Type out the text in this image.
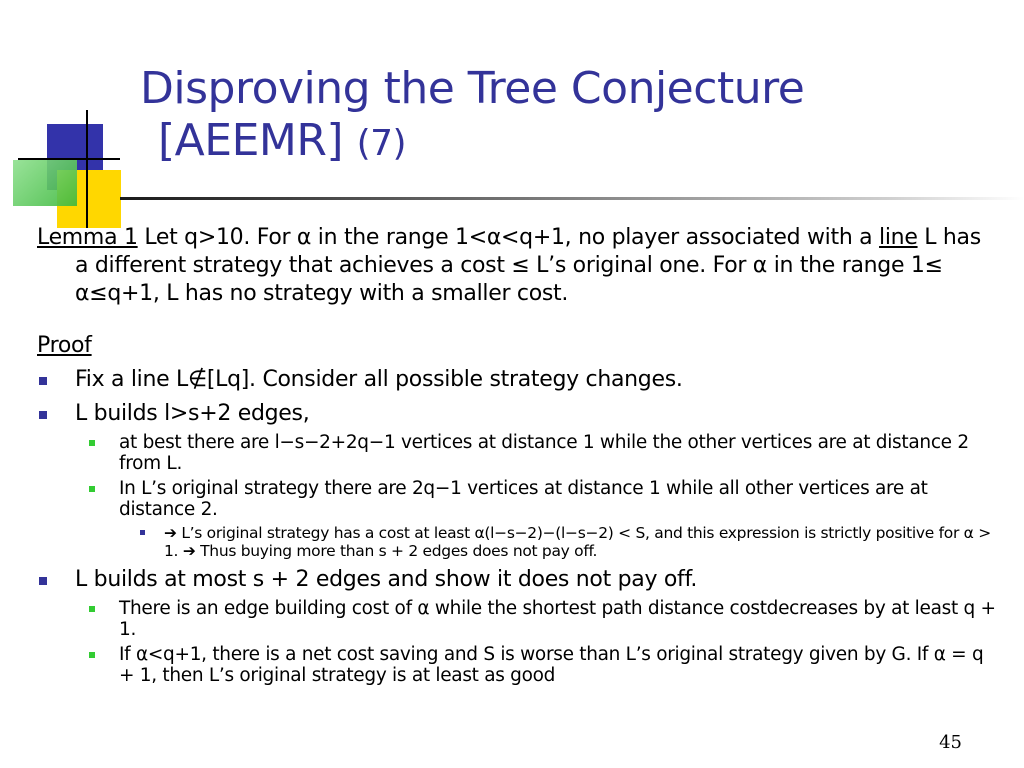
Disproving the Tree Conjecture
[AEEMR] (7)

Lemma 1 Let q>10. For α in the range 1<α<q+1, no player associated with a line L has a different strategy that achieves a cost ≤ L’s original one. For α in the range 1≤ α≤q+1, L has no strategy with a smaller cost.

Proof
Fix a line L∉[Lq]. Consider all possible strategy changes.
L builds l>s+2 edges,
at best there are l−s−2+2q−1 vertices at distance 1 while the other vertices are at distance 2 from L.
In L’s original strategy there are 2q−1 vertices at distance 1 while all other vertices are at distance 2.
➔ L’s original strategy has a cost at least α(l−s−2)−(l−s−2) < S, and this expression is strictly positive for α > 1. ➔ Thus buying more than s + 2 edges does not pay off.
L builds at most s + 2 edges and show it does not pay off.
There is an edge building cost of α while the shortest path distance costdecreases by at least q + 1.
If α<q+1, there is a net cost saving and S is worse than L’s original strategy given by G. If α = q + 1, then L’s original strategy is at least as good
45
